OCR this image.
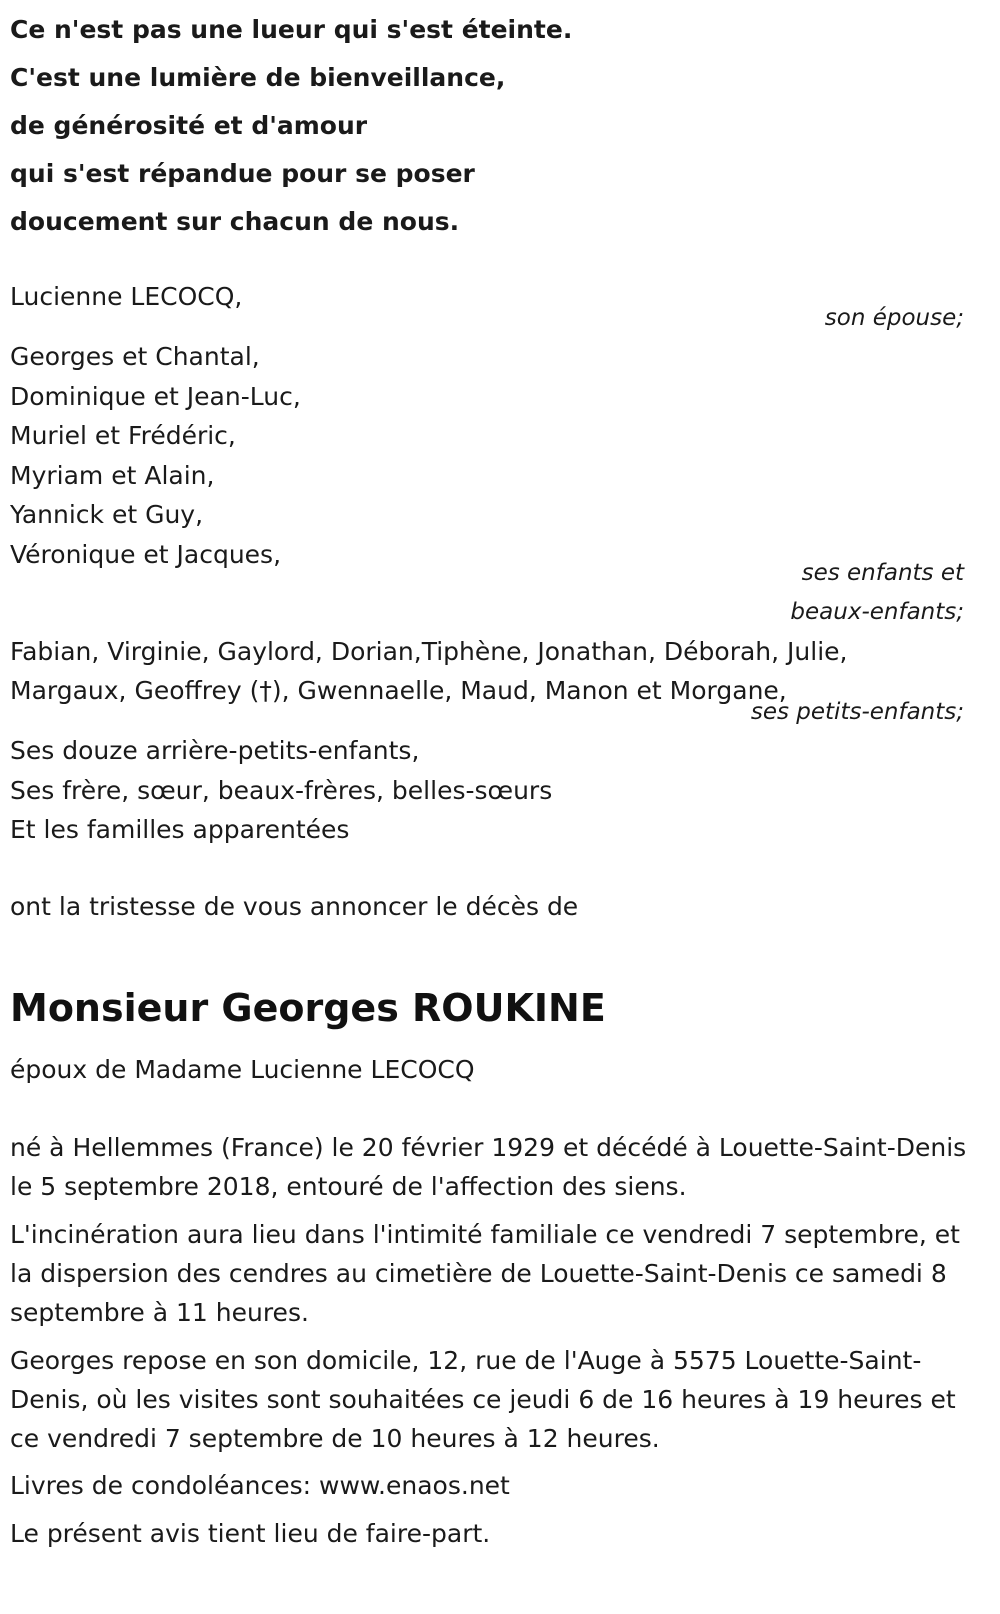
Ce n'est pas une lueur qui s'est éteinte.
C'est une lumière de bienveillance,
de générosité et d'amour
qui s'est répandue pour se poser
doucement sur chacun de nous.
Lucienne LECOCQ,
son épouse;
Georges et Chantal,
Dominique et Jean-Luc,
Muriel et Frédéric,
Myriam et Alain,
Yannick et Guy,
Véronique et Jacques,
ses enfants et
beaux-enfants;
Fabian, Virginie, Gaylord, Dorian,Tiphène, Jonathan, Déborah, Julie,
Margaux, Geoffrey (†), Gwennaelle, Maud, Manon et Morgane,
ses petits-enfants;
Ses douze arrière-petits-enfants,
Ses frère, sœur, beaux-frères, belles-sœurs
Et les familles apparentées
ont la tristesse de vous annoncer le décès de
Monsieur Georges ROUKINE
époux de Madame Lucienne LECOCQ
né à Hellemmes (France) le 20 février 1929 et décédé à Louette-Saint-Denis le 5 septembre 2018, entouré de l'affection des siens.
L'incinération aura lieu dans l'intimité familiale ce vendredi 7 septembre, et la dispersion des cendres au cimetière de Louette-Saint-Denis ce samedi 8 septembre à 11 heures.
Georges repose en son domicile, 12, rue de l'Auge à 5575 Louette-Saint-Denis, où les visites sont souhaitées ce jeudi 6 de 16 heures à 19 heures et ce vendredi 7 septembre de 10 heures à 12 heures.
Livres de condoléances: www.enaos.net
Le présent avis tient lieu de faire-part.
